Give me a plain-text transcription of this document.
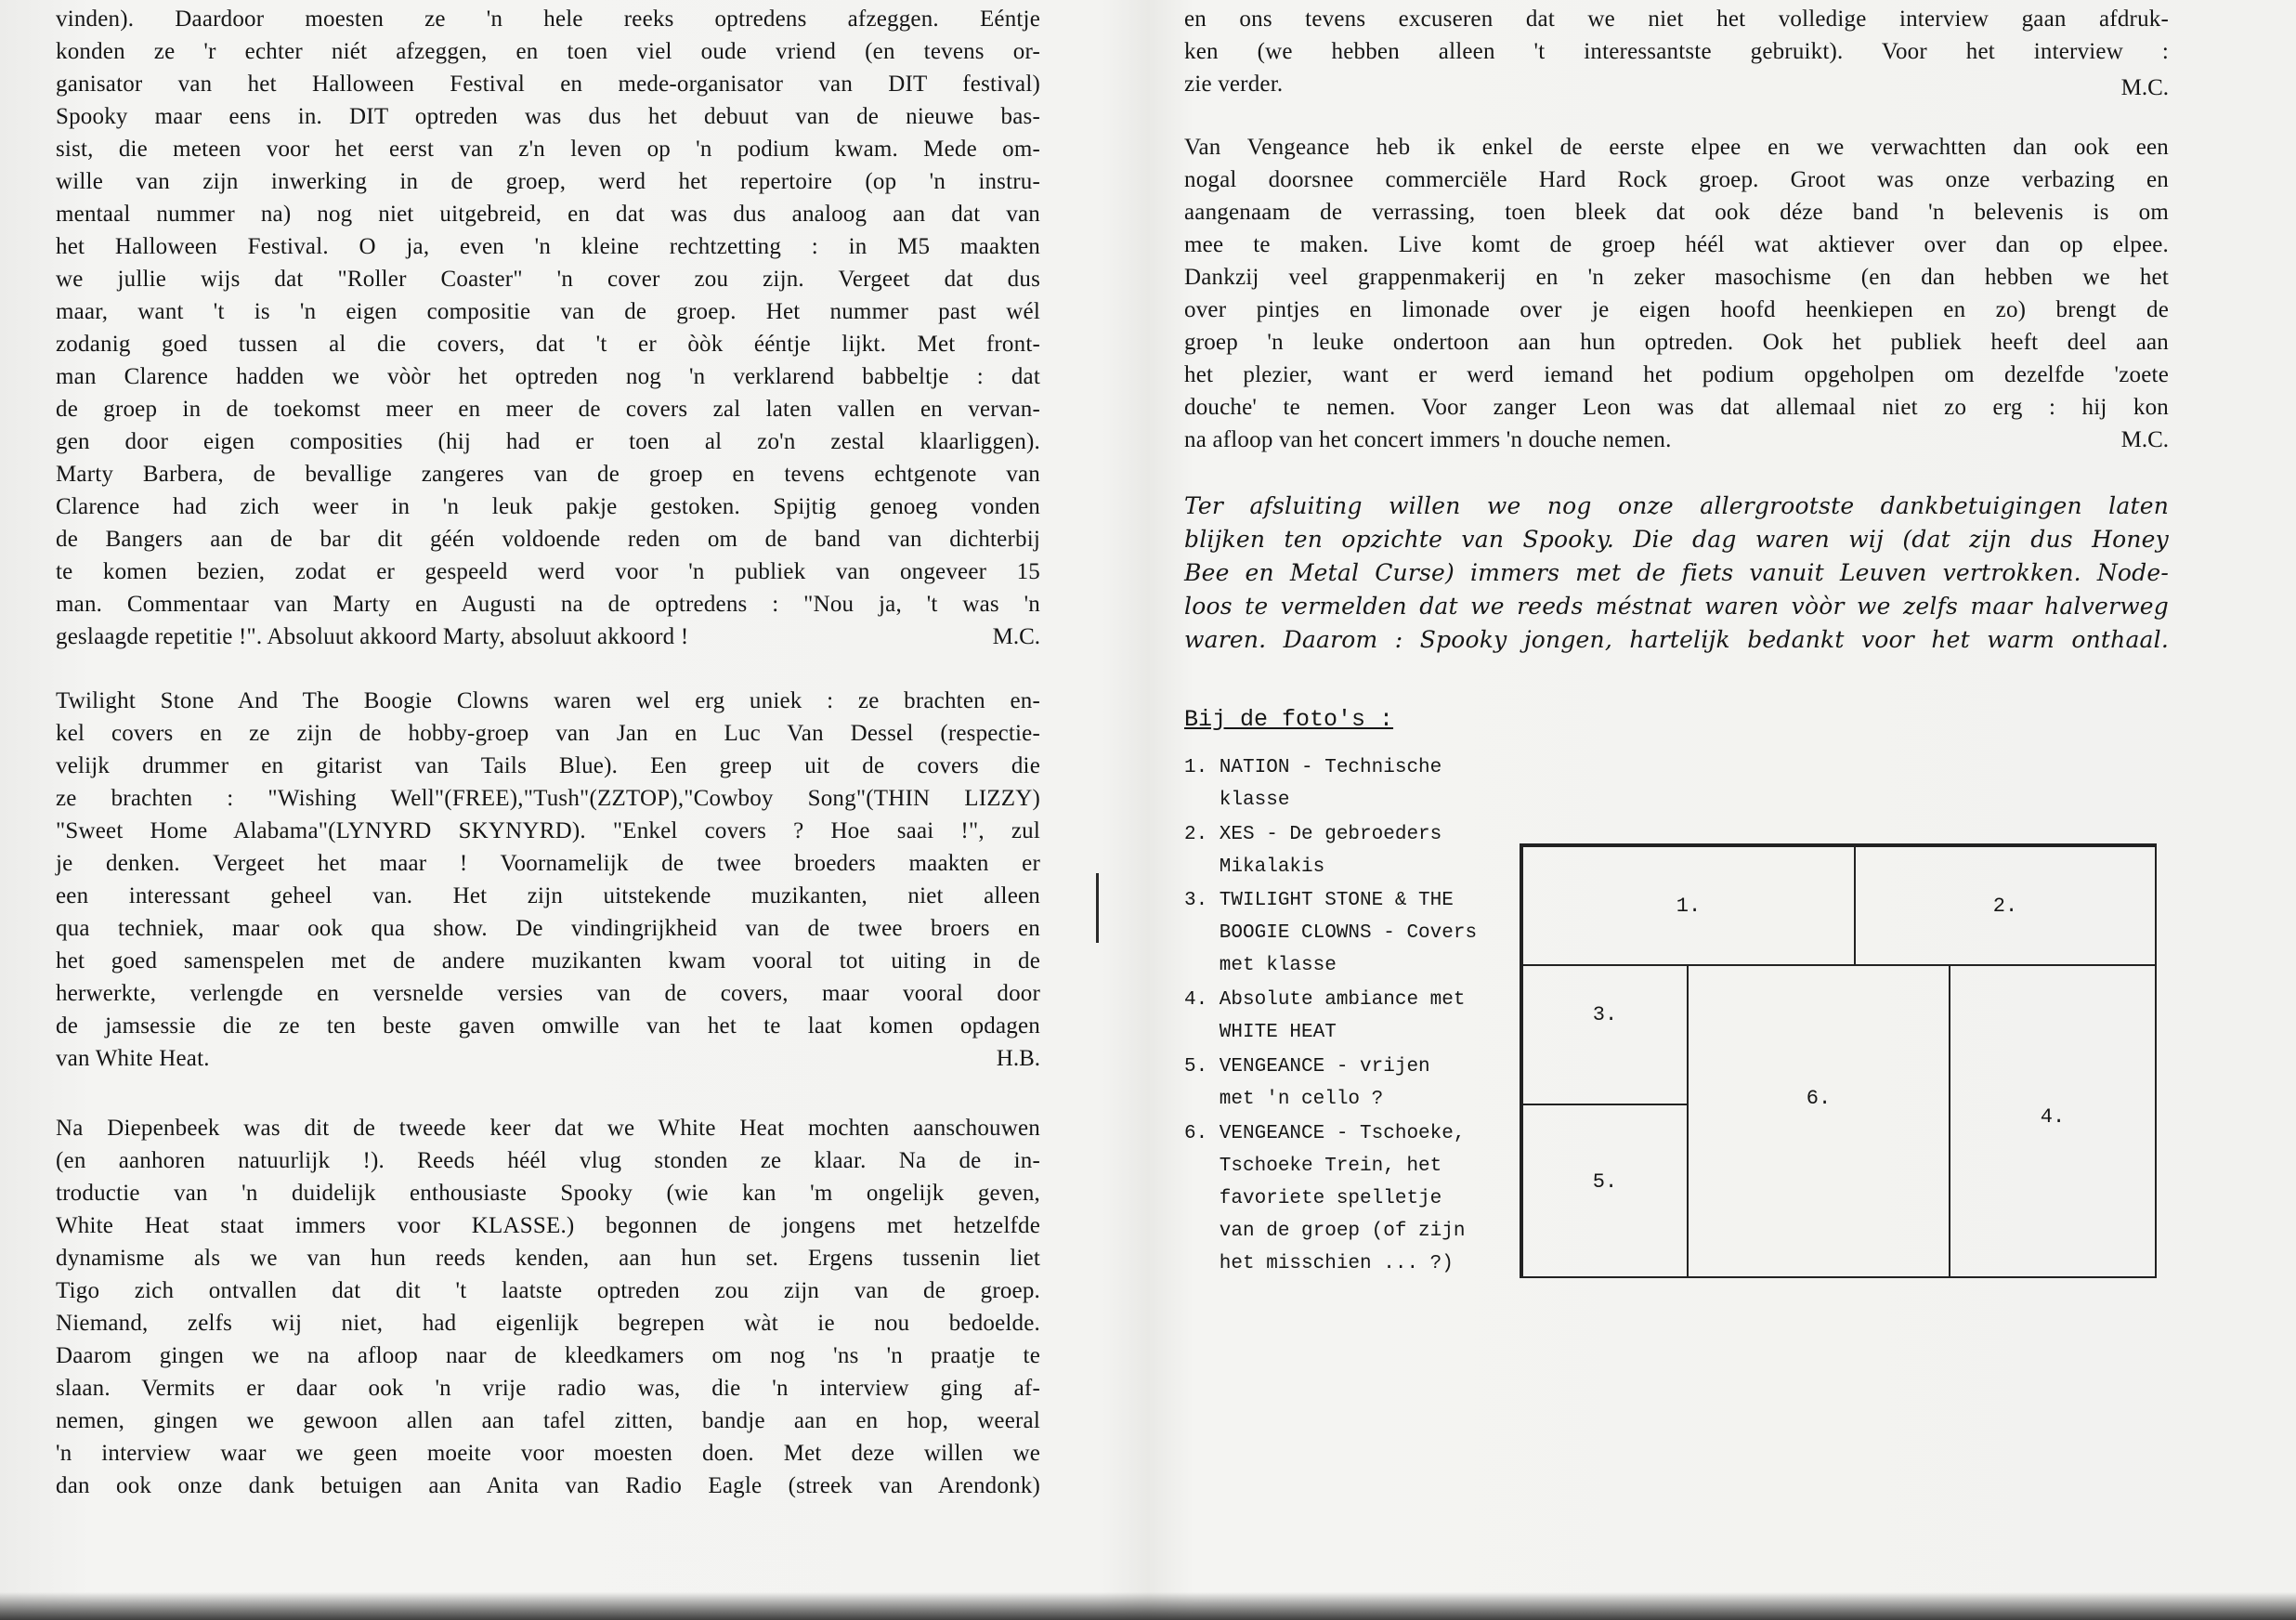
vinden). Daardoor moesten ze 'n hele reeks optredens afzeggen. Eéntje
konden ze 'r echter niét afzeggen, en toen viel oude vriend (en tevens or-
ganisator van het Halloween Festival en mede-organisator van DIT festival)
Spooky maar eens in. DIT optreden was dus het debuut van de nieuwe bas-
sist, die meteen voor het eerst van z'n leven op 'n podium kwam. Mede om-
wille van zijn inwerking in de groep, werd het repertoire (op 'n instru-
mentaal nummer na) nog niet uitgebreid, en dat was dus analoog aan dat van
het Halloween Festival. O ja, even 'n kleine rechtzetting : in M5 maakten
we jullie wijs dat "Roller Coaster" 'n cover zou zijn. Vergeet dat dus
maar, want 't is 'n eigen compositie van de groep. Het nummer past wél
zodanig goed tussen al die covers, dat 't er òòk ééntje lijkt. Met front-
man Clarence hadden we vòòr het optreden nog 'n verklarend babbeltje : dat
de groep in de toekomst meer en meer de covers zal laten vallen en vervan-
gen door eigen composities (hij had er toen al zo'n zestal klaarliggen).
Marty Barbera, de bevallige zangeres van de groep en tevens echtgenote van
Clarence had zich weer in 'n leuk pakje gestoken. Spijtig genoeg vonden
de Bangers aan de bar dit géén voldoende reden om de band van dichterbij
te komen bezien, zodat er gespeeld werd voor 'n publiek van ongeveer 15
man. Commentaar van Marty en Augusti na de optredens : "Nou ja, 't was 'n
geslaagde repetitie !". Absoluut akkoord Marty, absoluut akkoord !	M.C.
Twilight Stone And The Boogie Clowns waren wel erg uniek : ze brachten en-
kel covers en ze zijn de hobby-groep van Jan en Luc Van Dessel (respectie-
velijk drummer en gitarist van Tails Blue). Een greep uit de covers die
ze brachten : "Wishing Well"(FREE),"Tush"(ZZTOP),"Cowboy Song"(THIN LIZZY)
"Sweet Home Alabama"(LYNYRD SKYNYRD). "Enkel covers ? Hoe saai !", zul
je denken. Vergeet het maar ! Voornamelijk de twee broeders maakten er
een interessant geheel van. Het zijn uitstekende muzikanten, niet alleen
qua techniek, maar ook qua show. De vindingrijkheid van de twee broers en
het goed samenspelen met de andere muzikanten kwam vooral tot uiting in de
herwerkte, verlengde en versnelde versies van de covers, maar vooral door
de jamsessie die ze ten beste gaven omwille van het te laat komen opdagen
van White Heat.	H.B.
Na Diepenbeek was dit de tweede keer dat we White Heat mochten aanschouwen
(en aanhoren natuurlijk !). Reeds héél vlug stonden ze klaar. Na de in-
troductie van 'n duidelijk enthousiaste Spooky (wie kan 'm ongelijk geven,
White Heat staat immers voor KLASSE.) begonnen de jongens met hetzelfde
dynamisme als we van hun reeds kenden, aan hun set. Ergens tussenin liet
Tigo zich ontvallen dat dit 't laatste optreden zou zijn van de groep.
Niemand, zelfs wij niet, had eigenlijk begrepen wàt ie nou bedoelde.
Daarom gingen we na afloop naar de kleedkamers om nog 'ns 'n praatje te
slaan. Vermits er daar ook 'n vrije radio was, die 'n interview ging af-
nemen, gingen we gewoon allen aan tafel zitten, bandje aan en hop, weeral
'n interview waar we geen moeite voor moesten doen. Met deze willen we
dan ook onze dank betuigen aan Anita van Radio Eagle (streek van Arendonk)
en ons tevens excuseren dat we niet het volledige interview gaan afdruk-
ken (we hebben alleen 't interessantste gebruikt). Voor het interview :
zie verder.	M.C.
Van Vengeance heb ik enkel de eerste elpee en we verwachtten dan ook een
nogal doorsnee commerciële Hard Rock groep. Groot was onze verbazing en
aangenaam de verrassing, toen bleek dat ook déze band 'n belevenis is om
mee te maken. Live komt de groep héél wat aktiever over dan op elpee.
Dankzij veel grappenmakerij en 'n zeker masochisme (en dan hebben we het
over pintjes en limonade over je eigen hoofd heenkiepen en zo) brengt de
groep 'n leuke ondertoon aan hun optreden. Ook het publiek heeft deel aan
het plezier, want er werd iemand het podium opgeholpen om dezelfde 'zoete
douche' te nemen. Voor zanger Leon was dat allemaal niet zo erg : hij kon
na afloop van het concert immers 'n douche nemen.	M.C.
Ter afsluiting willen we nog onze allergrootste dankbetuigingen laten
blijken ten opzichte van Spooky. Die dag waren wij (dat zijn dus Honey
Bee en Metal Curse) immers met de fiets vanuit Leuven vertrokken. Node-
loos te vermelden dat we reeds méstnat waren vòòr we zelfs maar halverweg
waren. Daarom : Spooky jongen, hartelijk bedankt voor het warm onthaal.
Bij de foto's :
1. NATION - Technische
klasse
2. XES - De gebroeders
Mikalakis
3. TWILIGHT STONE & THE
BOOGIE CLOWNS - Covers
met klasse
4. Absolute ambiance met
WHITE HEAT
5. VENGEANCE - vrijen
met 'n cello ?
6. VENGEANCE - Tschoeke,
Tschoeke Trein, het
favoriete spelletje
van de groep (of zijn
het misschien ... ?)
1.	2.
3.
5.
6.
4.
